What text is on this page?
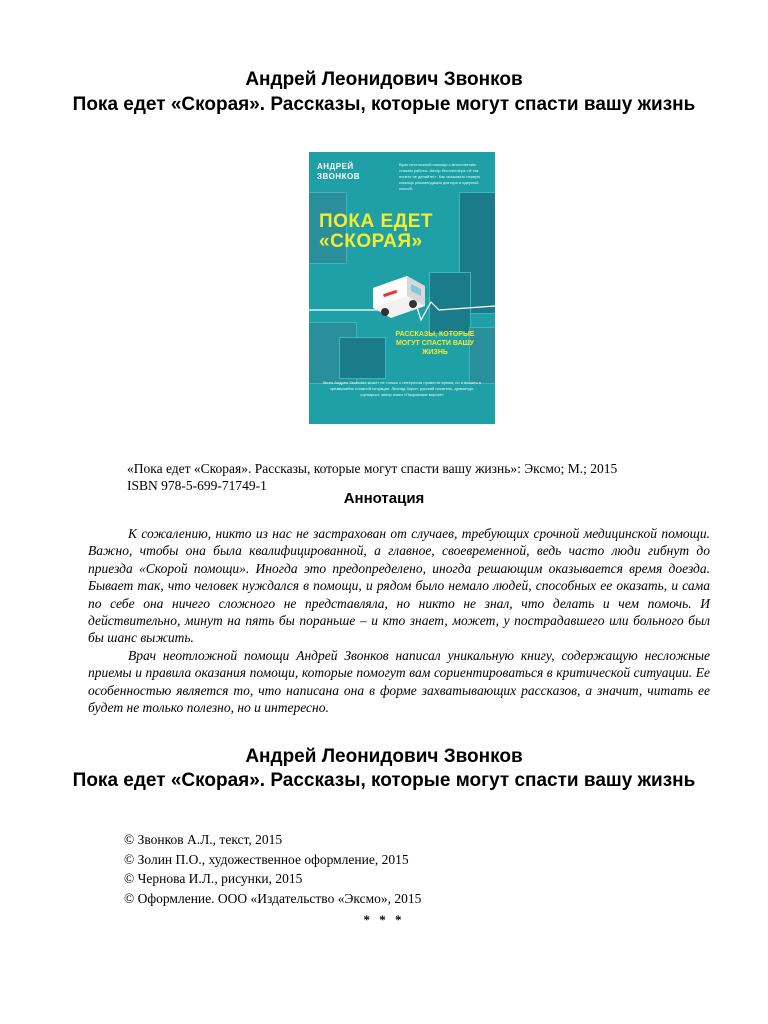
Андрей Леонидович Звонков
Пока едет «Скорая». Рассказы, которые могут спасти вашу жизнь
АНДРЕЙ
ЗВОНКОВ
Врач неотложной помощи с многолетним стажем работы. Автор бестселлера «И так ничего не делайте!». Как оказывать первую помощь рекомендации доктора и ядерный способ.
ПОКА ЕДЕТ
«СКОРАЯ»
РАССКАЗЫ, КОТОРЫЕ МОГУТ СПАСТИ ВАШУ ЖИЗНЬ
Книга Андрея Звонкова может не только с интересом провести время, но и выжить в чрезвычайно сложной ситуации. Леонид Зорин, русский писатель, драматург, сценарист, автор книги «Покровские ворота»
«Пока едет «Скорая». Рассказы, которые могут спасти вашу жизнь»: Эксмо; М.; 2015
ISBN 978-5-699-71749-1
Аннотация

К сожалению, никто из нас не застрахован от случаев, требующих срочной медицинской помощи. Важно, чтобы она была квалифицированной, а главное, своевременной, ведь часто люди гибнут до приезда «Скорой помощи». Иногда это предопределено, иногда решающим оказывается время доезда. Бывает так, что человек нуждался в помощи, и рядом было немало людей, способных ее оказать, и сама по себе она ничего сложного не представляла, но никто не знал, что делать и чем помочь. И действительно, минут на пять бы пораньше – и кто знает, может, у пострадавшего или больного был бы шанс выжить.

Врач неотложной помощи Андрей Звонков написал уникальную книгу, содержащую несложные приемы и правила оказания помощи, которые помогут вам сориентироваться в критической ситуации. Ее особенностью является то, что написана она в форме захватывающих рассказов, а значит, читать ее будет не только полезно, но и интересно.

Андрей Леонидович Звонков
Пока едет «Скорая». Рассказы, которые могут спасти вашу жизнь
© Звонков А.Л., текст, 2015
© Золин П.О., художественное оформление, 2015
© Чернова И.Л., рисунки, 2015
© Оформление. ООО «Издательство «Эксмо», 2015
* * *
